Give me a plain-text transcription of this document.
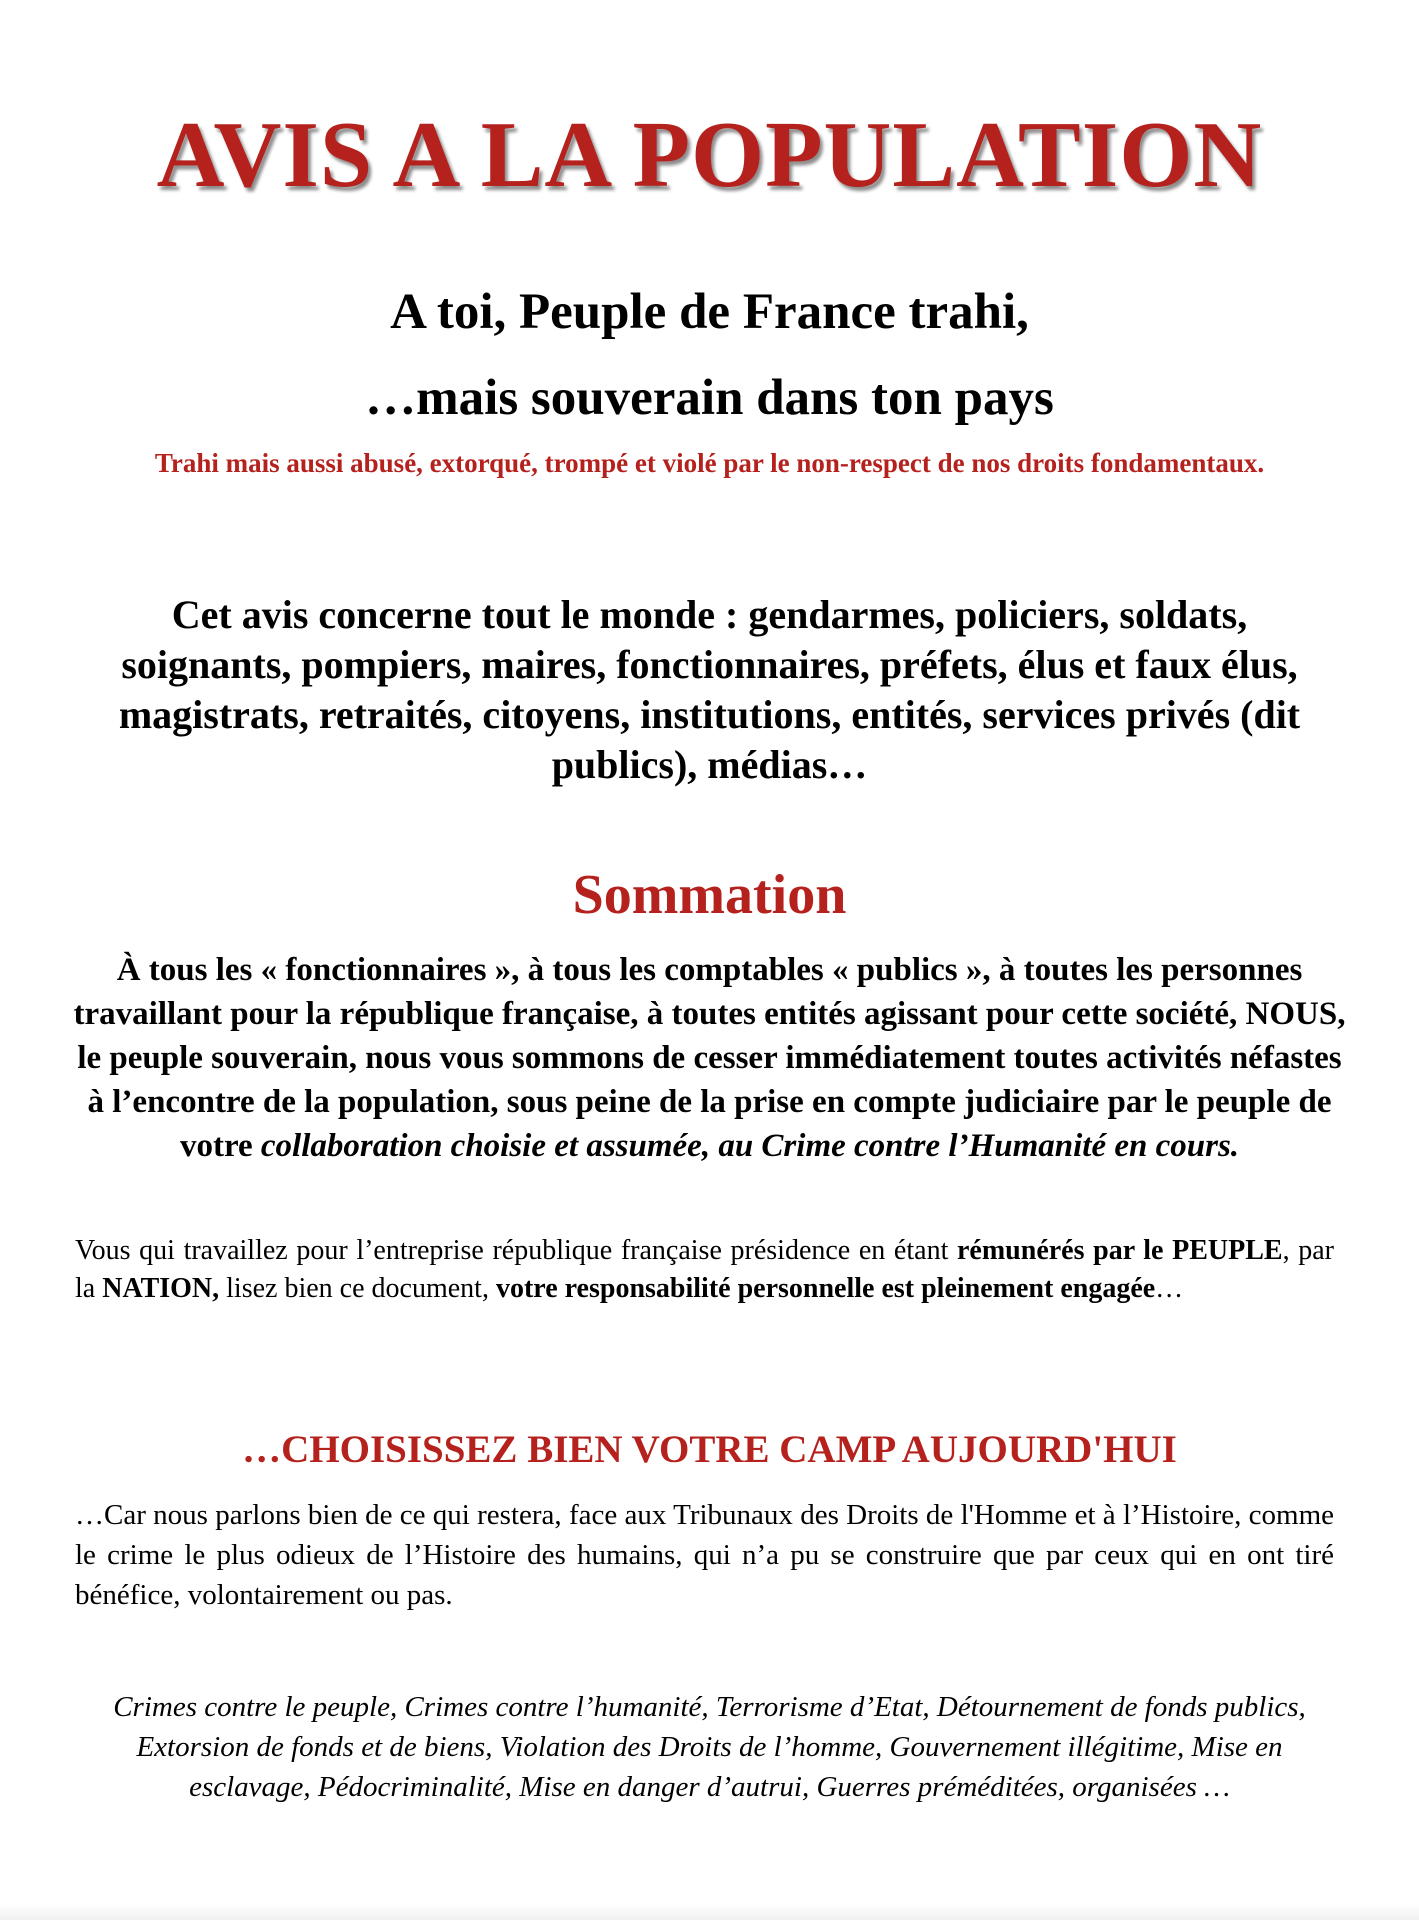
AVIS A LA POPULATION
A toi, Peuple de France trahi,
…mais souverain dans ton pays
Trahi mais aussi abusé, extorqué, trompé et violé par le non-respect de nos droits fondamentaux.
Cet avis concerne tout le monde : gendarmes, policiers, soldats, soignants, pompiers, maires, fonctionnaires, préfets, élus et faux élus, magistrats, retraités, citoyens, institutions, entités, services privés (dit publics), médias…
Sommation
À tous les « fonctionnaires », à tous les comptables « publics », à toutes les personnes travaillant pour la république française, à toutes entités agissant pour cette société, NOUS, le peuple souverain, nous vous sommons de cesser immédiatement toutes activités néfastes à l’encontre de la population, sous peine de la prise en compte judiciaire par le peuple de votre collaboration choisie et assumée, au Crime contre l’Humanité en cours.
Vous qui travaillez pour l’entreprise république française présidence en étant rémunérés par le PEUPLE, par la NATION, lisez bien ce document, votre responsabilité personnelle est pleinement engagée…
…CHOISISSEZ BIEN VOTRE CAMP AUJOURD'HUI
…Car nous parlons bien de ce qui restera, face aux Tribunaux des Droits de l'Homme et à l’Histoire, comme le crime le plus odieux de l’Histoire des humains, qui n’a pu se construire que par ceux qui en ont tiré bénéfice, volontairement ou pas.
Crimes contre le peuple, Crimes contre l’humanité, Terrorisme d’Etat, Détournement de fonds publics, Extorsion de fonds et de biens, Violation des Droits de l’homme, Gouvernement illégitime, Mise en esclavage, Pédocriminalité, Mise en danger d’autrui, Guerres préméditées, organisées …
